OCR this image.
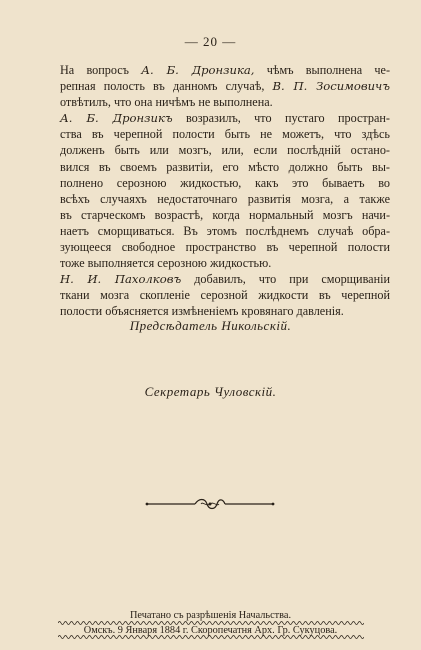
— 20 —
На вопросъ А. Б. Дронзика, чѣмъ выполнена че-
репная полость въ данномъ случаѣ, В. П. Зосимовичъ
отвѣтилъ, что она ничѣмъ не выполнена.
А. Б. Дронзикъ возразилъ, что пустаго простран-
ства въ черепной полости быть не можетъ, что здѣсь
долженъ быть или мозгъ, или, если послѣдній остано-
вился въ своемъ развитіи, его мѣсто должно быть вы-
полнено серозною жидкостью, какъ это бываетъ во
всѣхъ случаяхъ недостаточнаго развитія мозга, а также
въ старческомъ возрастѣ, когда нормальный мозгъ начи-
наетъ сморщиваться. Въ этомъ послѣднемъ случаѣ обра-
зующееся свободное пространство въ черепной полости
тоже выполняется серозною жидкостью.
Н. И. Пахолковъ добавилъ, что при сморщиваніи
ткани мозга скопленіе серозной жидкости въ черепной
полости объясняется измѣненіемъ кровянаго давленія.
Предсѣдатель Никольскій.
Секретарь Чуловскій.
Печатано съ разрѣшенія Начальства.
Омскъ. 9 Января 1884 г. Скоропечатня Арх. Гр. Сукуцова.
